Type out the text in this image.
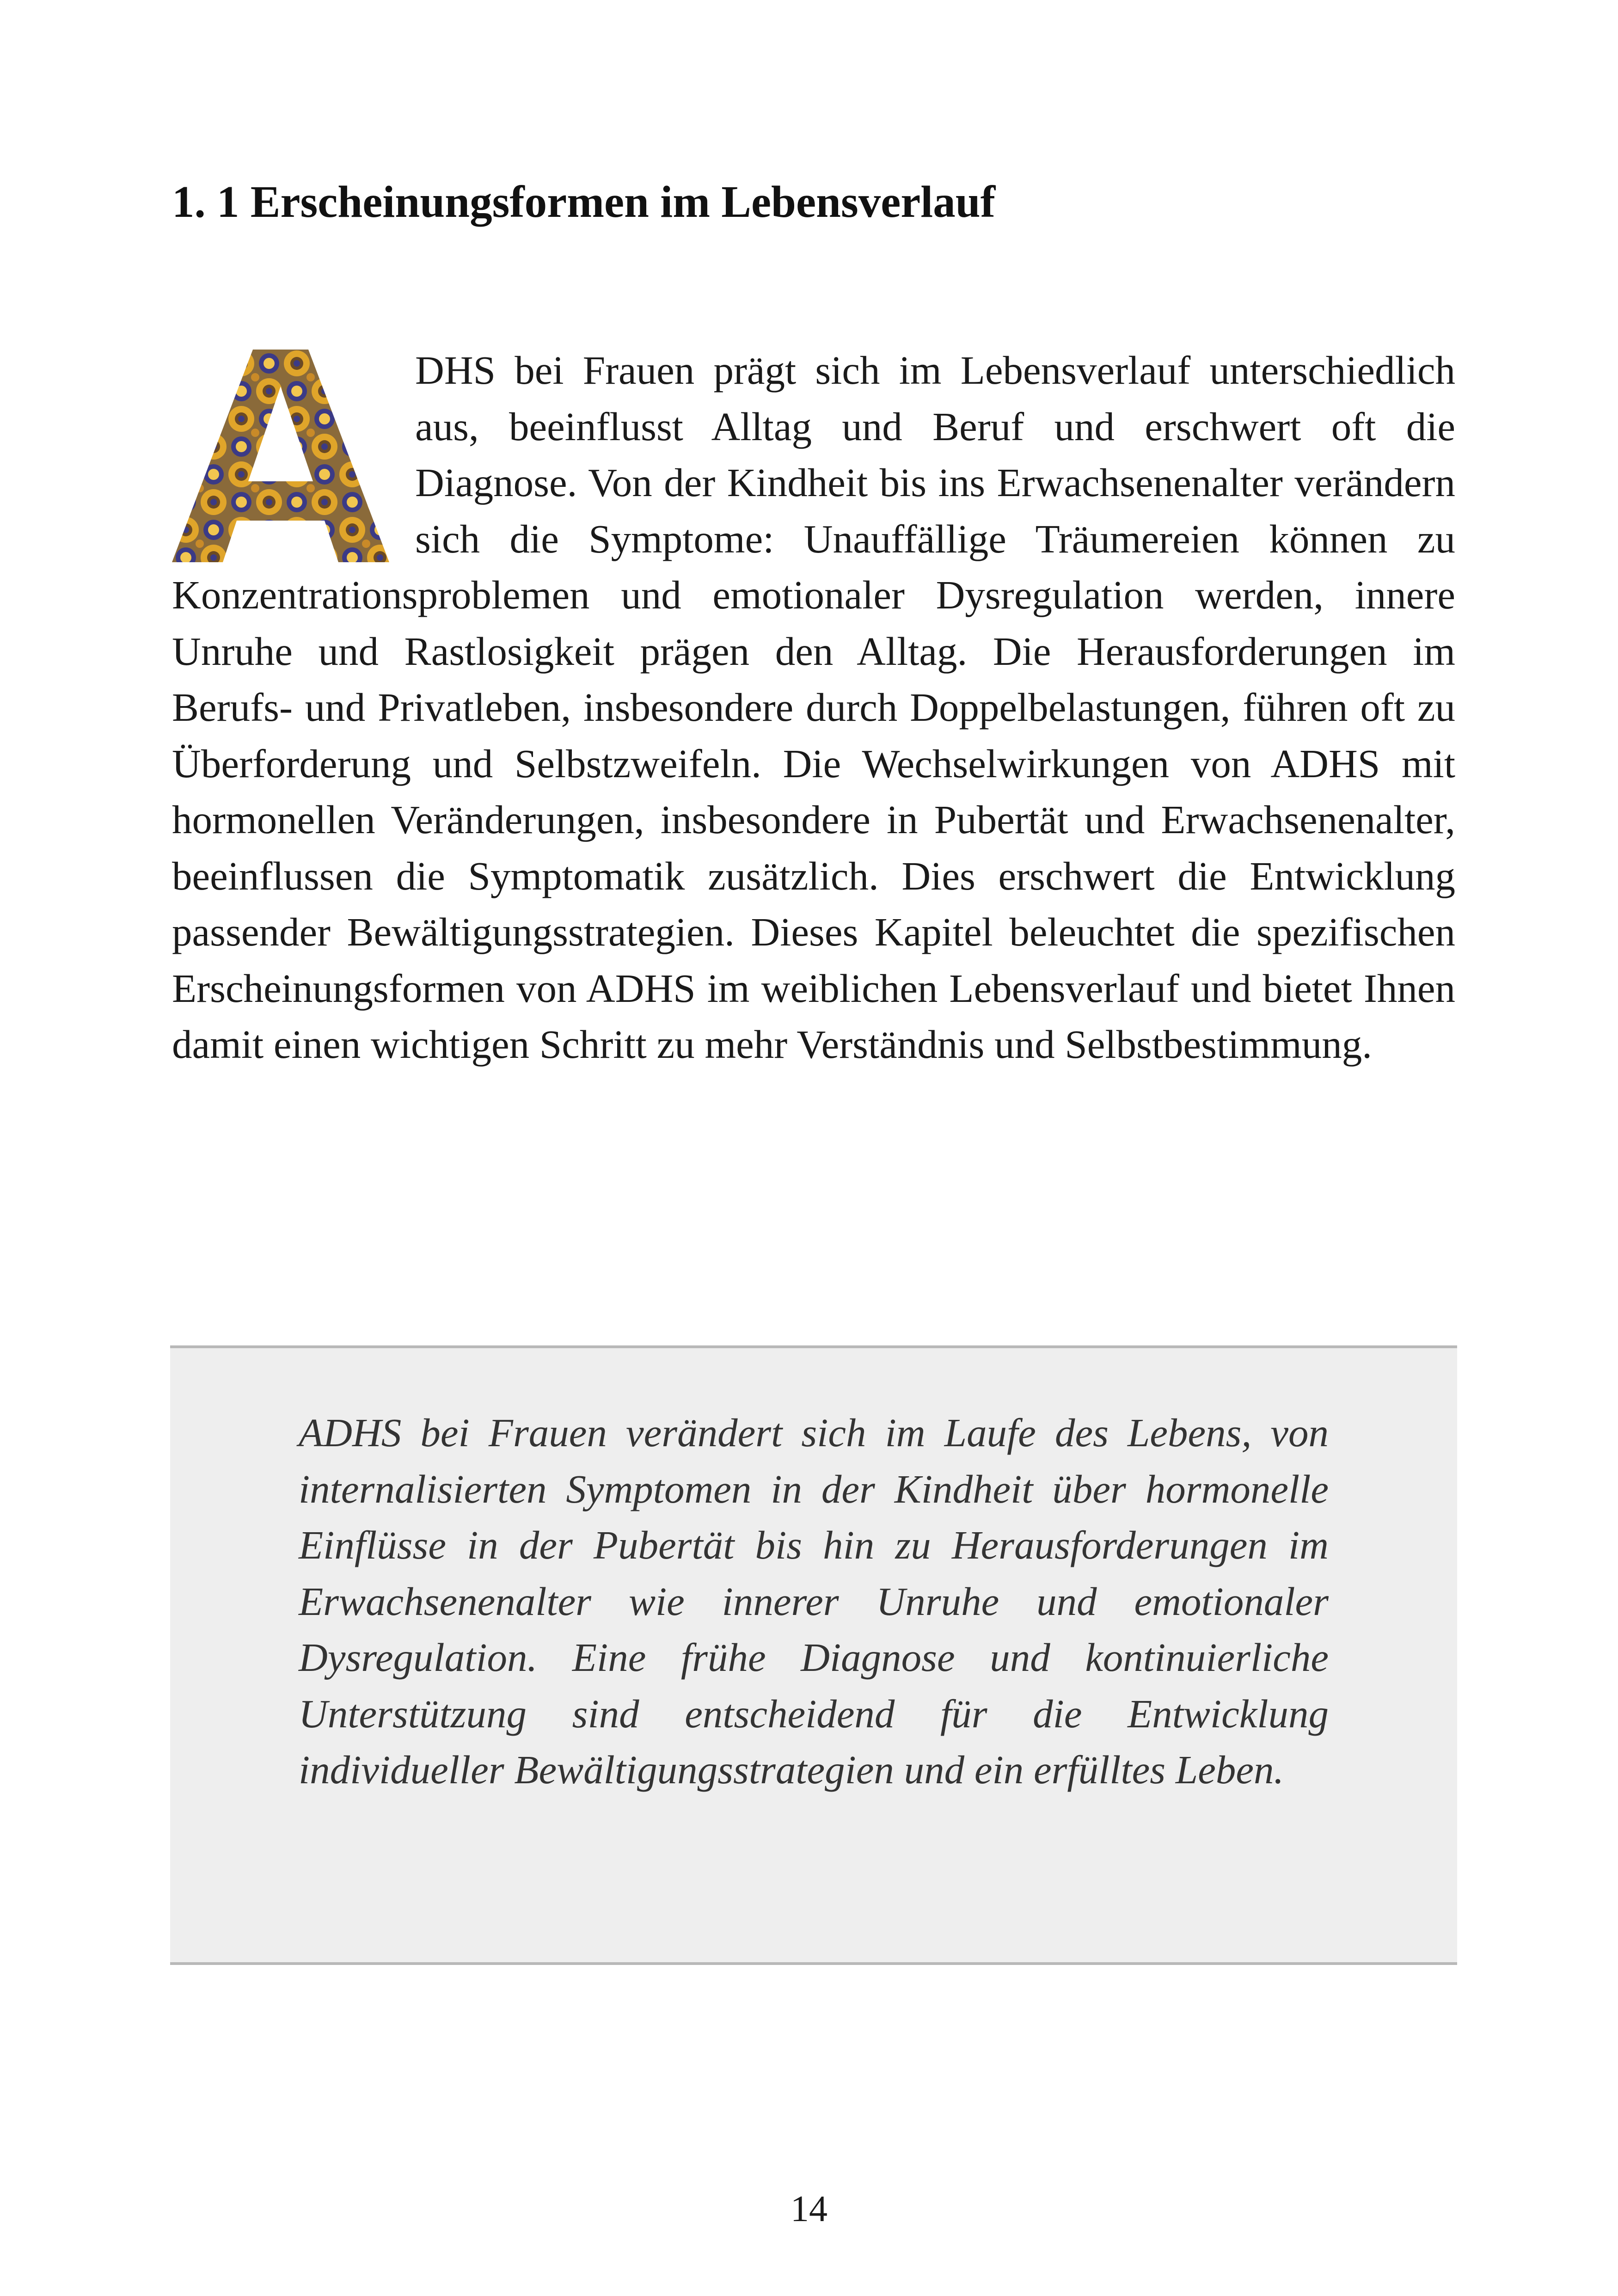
1. 1 Erscheinungsformen im Lebensverlauf
DHS bei Frauen prägt sich im Lebensverlauf unterschiedlich aus, beeinflusst Alltag und Beruf und erschwert oft die Diagnose. Von der Kindheit bis ins Erwachsenenalter verändern sich die Symptome: Unauffällige Träumereien können zu Konzentrationsproblemen und emotionaler Dysregulation werden, innere Unruhe und Rastlosigkeit prägen den Alltag. Die Herausforderungen im Berufs- und Privatleben, insbesondere durch Doppelbelastungen, führen oft zu Überforderung und Selbstzweifeln. Die Wechselwirkungen von ADHS mit hormonellen Veränderungen, insbesondere in Pubertät und Erwachsenenalter, beeinflussen die Symptomatik zusätzlich. Dies erschwert die Entwicklung passender Bewältigungsstrategien. Dieses Kapitel beleuchtet die spezifischen Erscheinungsformen von ADHS im weiblichen Lebensverlauf und bietet Ihnen damit einen wichtigen Schritt zu mehr Verständnis und Selbstbestimmung.

ADHS bei Frauen verändert sich im Laufe des Lebens, von internalisierten Symptomen in der Kindheit über hormonelle Einflüsse in der Pubertät bis hin zu Herausforderungen im Erwachsenenalter wie innerer Unruhe und emotionaler Dysregulation. Eine frühe Diagnose und kontinuierliche Unterstützung sind entscheidend für die Entwicklung individueller Bewältigungsstrategien und ein erfülltes Leben.

14
